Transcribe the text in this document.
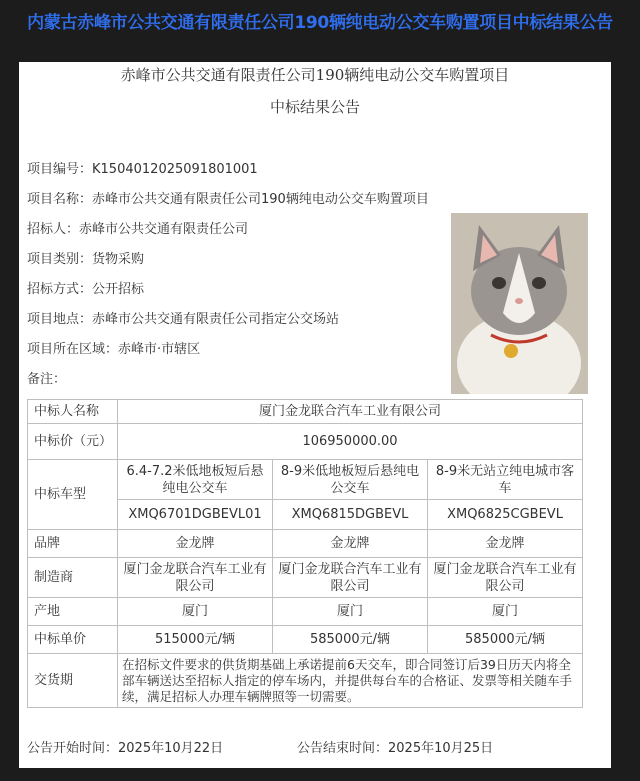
内蒙古赤峰市公共交通有限责任公司190辆纯电动公交车购置项目中标结果公告
赤峰市公共交通有限责任公司190辆纯电动公交车购置项目
中标结果公告
项目编号：K1504012025091801001
项目名称：赤峰市公共交通有限责任公司190辆纯电动公交车购置项目
招标人：赤峰市公共交通有限责任公司
项目类别：货物采购
招标方式：公开招标
项目地点：赤峰市公共交通有限责任公司指定公交场站
项目所在区域：赤峰市·市辖区
备注：
中标人名称	厦门金龙联合汽车工业有限公司		
中标价（元）	106950000.00		
中标车型	6.4-7.2米低地板短后悬纯电公交车	8-9米低地板短后悬纯电公交车	8-9米无站立纯电城市客车
	XMQ6701DGBEVL01	XMQ6815DGBEVL	XMQ6825CGBEVL
品牌	金龙牌	金龙牌	金龙牌
制造商	厦门金龙联合汽车工业有限公司	厦门金龙联合汽车工业有限公司	厦门金龙联合汽车工业有限公司
产地	厦门	厦门	厦门
中标单价	515000元/辆	585000元/辆	585000元/辆
交货期	在招标文件要求的供货期基础上承诺提前6天交车，即合同签订后39日历天内将全部车辆送达至招标人指定的停车场内，并提供每台车的合格证、发票等相关随车手续，满足招标人办理车辆牌照等一切需要。		
公告开始时间：2025年10月22日	公告结束时间：2025年10月25日
